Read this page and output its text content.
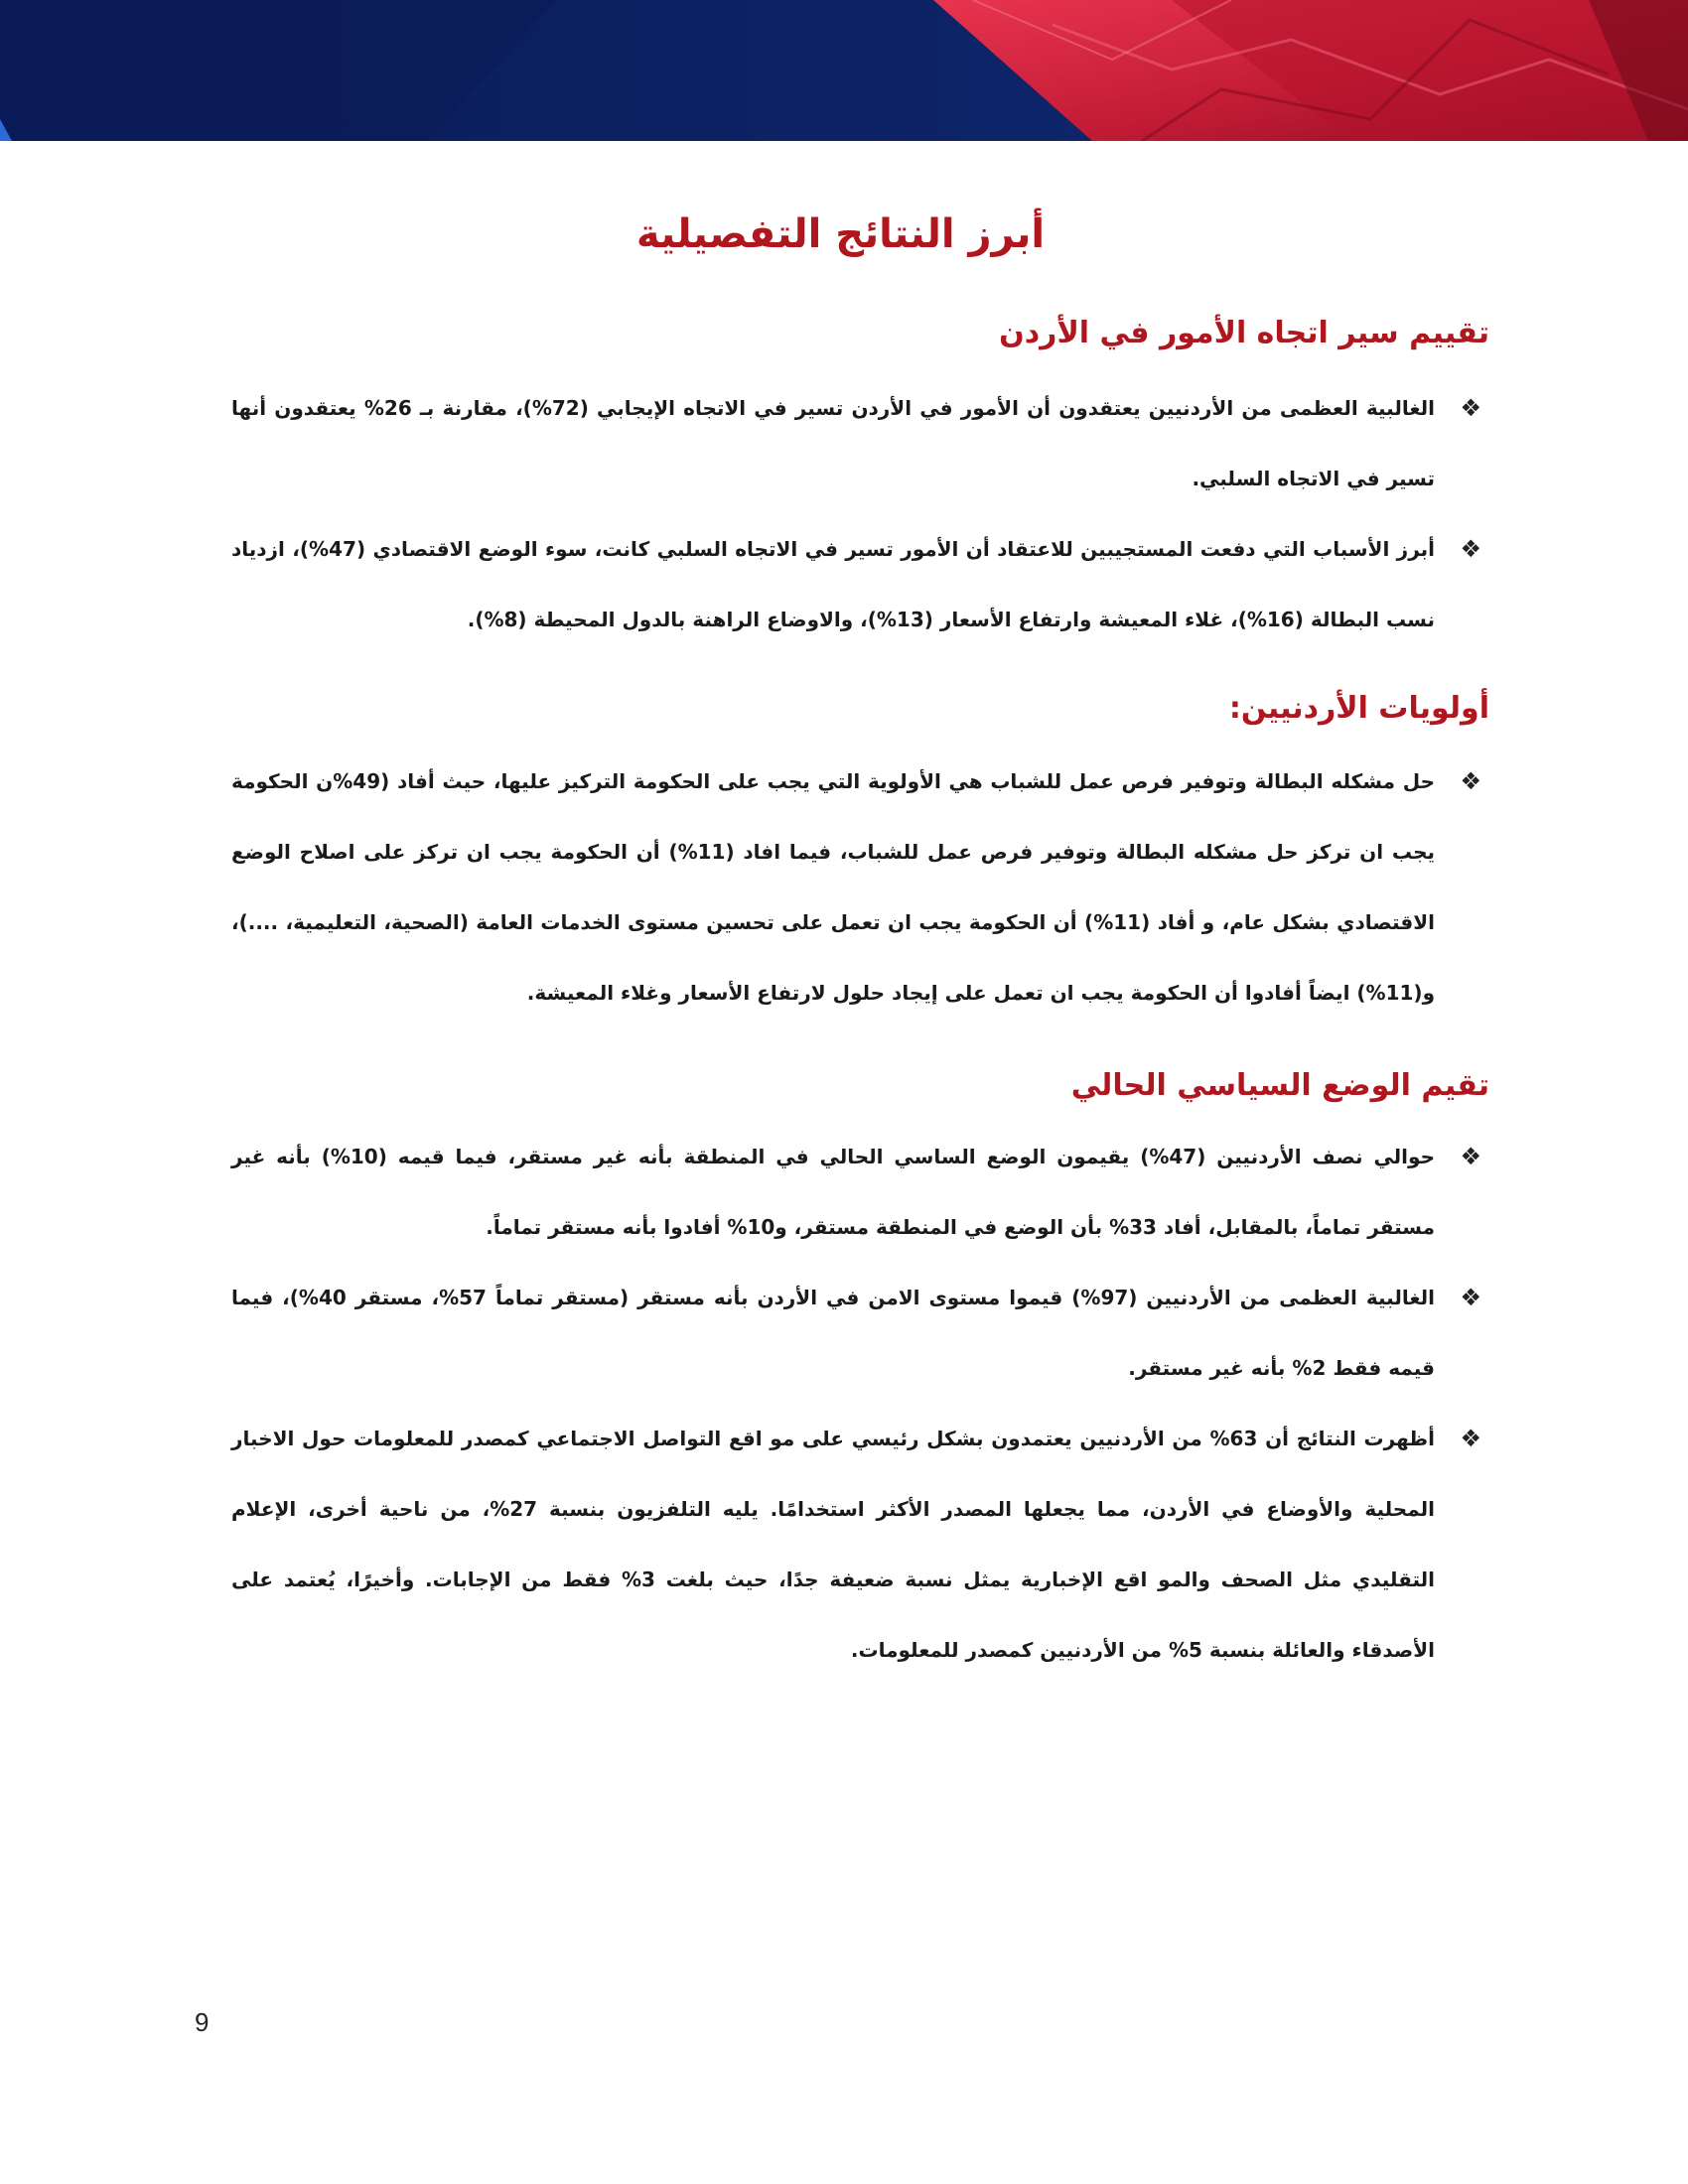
أبرز النتائج التفصيلية
تقييم سير اتجاه الأمور في الأردن
❖
الغالبية العظمى من الأردنيين يعتقدون أن الأمور في الأردن تسير في الاتجاه الإيجابي (72%)، مقارنة بـ 26% يعتقدون أنها تسير في الاتجاه السلبي.
❖
أبرز الأسباب التي دفعت المستجيبين للاعتقاد أن الأمور تسير في الاتجاه السلبي كانت، سوء الوضع الاقتصادي (47%)، ازدياد نسب البطالة (16%)، غلاء المعيشة وارتفاع الأسعار (13%)، والاوضاع الراهنة بالدول المحيطة (8%).
أولويات الأردنيين:
❖
حل مشكله البطالة وتوفير فرص عمل للشباب هي الأولوية التي يجب على الحكومة التركيز عليها، حيث أفاد (49%ن الحكومة يجب ان تركز حل مشكله البطالة وتوفير فرص عمل للشباب، فيما افاد (11%) أن الحكومة يجب ان تركز على اصلاح الوضع الاقتصادي بشكل عام، و أفاد (11%) أن الحكومة يجب ان تعمل على تحسين مستوى الخدمات العامة (الصحية، التعليمية، ....)، و(11%) ايضاً أفادوا أن الحكومة يجب ان تعمل على إيجاد حلول لارتفاع الأسعار وغلاء المعيشة.
تقيم الوضع السياسي الحالي
❖
حوالي نصف الأردنيين (47%) يقيمون الوضع الساسي الحالي في المنطقة بأنه غير مستقر، فيما قيمه (10%) بأنه غير مستقر تماماً، بالمقابل، أفاد 33% بأن الوضع في المنطقة مستقر، و10% أفادوا بأنه مستقر تماماً.
❖
الغالبية العظمى من الأردنيين (97%) قيموا مستوى الامن في الأردن بأنه مستقر (مستقر تماماً 57%، مستقر 40%)، فيما قيمه فقط 2% بأنه غير مستقر.
❖
أظهرت النتائج أن 63% من الأردنيين يعتمدون بشكل رئيسي على مو اقع التواصل الاجتماعي كمصدر للمعلومات حول الاخبار المحلية والأوضاع في الأردن، مما يجعلها المصدر الأكثر استخدامًا. يليه التلفزيون بنسبة 27%، من ناحية أخرى، الإعلام التقليدي مثل الصحف والمو اقع الإخبارية يمثل نسبة ضعيفة جدًا، حيث بلغت 3% فقط من الإجابات. وأخيرًا، يُعتمد على الأصدقاء والعائلة بنسبة 5% من الأردنيين كمصدر للمعلومات.
9
